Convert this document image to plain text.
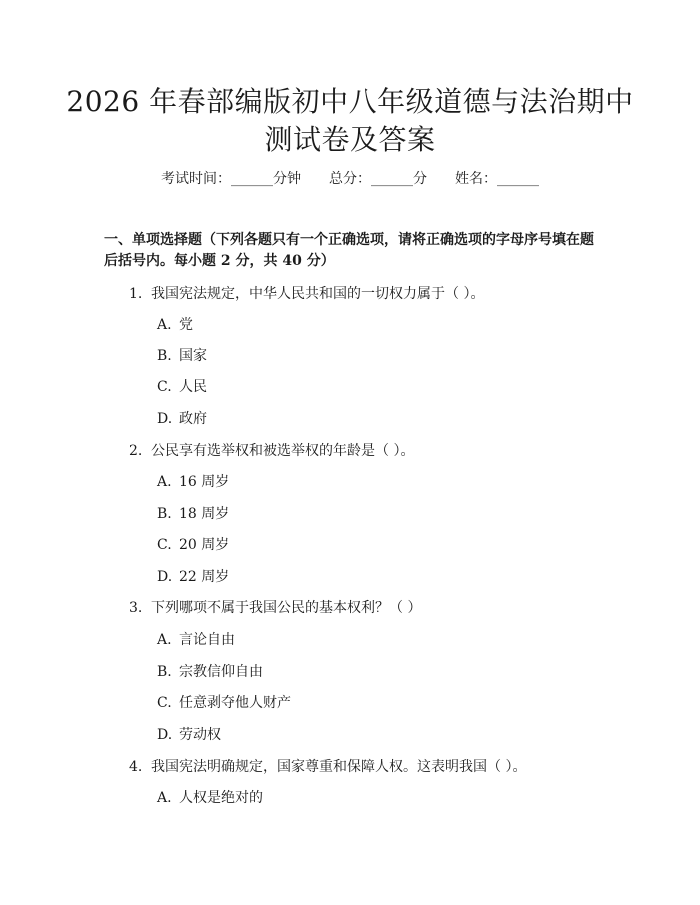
2026 年春部编版初中八年级道德与法治期中
测试卷及答案
考试时间：______分钟 总分：______分 姓名：______
一、单项选择题（下列各题只有一个正确选项，请将正确选项的字母序号填在题后括号内。每小题 2 分，共 40 分）
1. 我国宪法规定，中华人民共和国的一切权力属于（ ）。
A. 党
B. 国家
C. 人民
D. 政府
2. 公民享有选举权和被选举权的年龄是（ ）。
A. 16 周岁
B. 18 周岁
C. 20 周岁
D. 22 周岁
3. 下列哪项不属于我国公民的基本权利？（ ）
A. 言论自由
B. 宗教信仰自由
C. 任意剥夺他人财产
D. 劳动权
4. 我国宪法明确规定，国家尊重和保障人权。这表明我国（ ）。
A. 人权是绝对的
